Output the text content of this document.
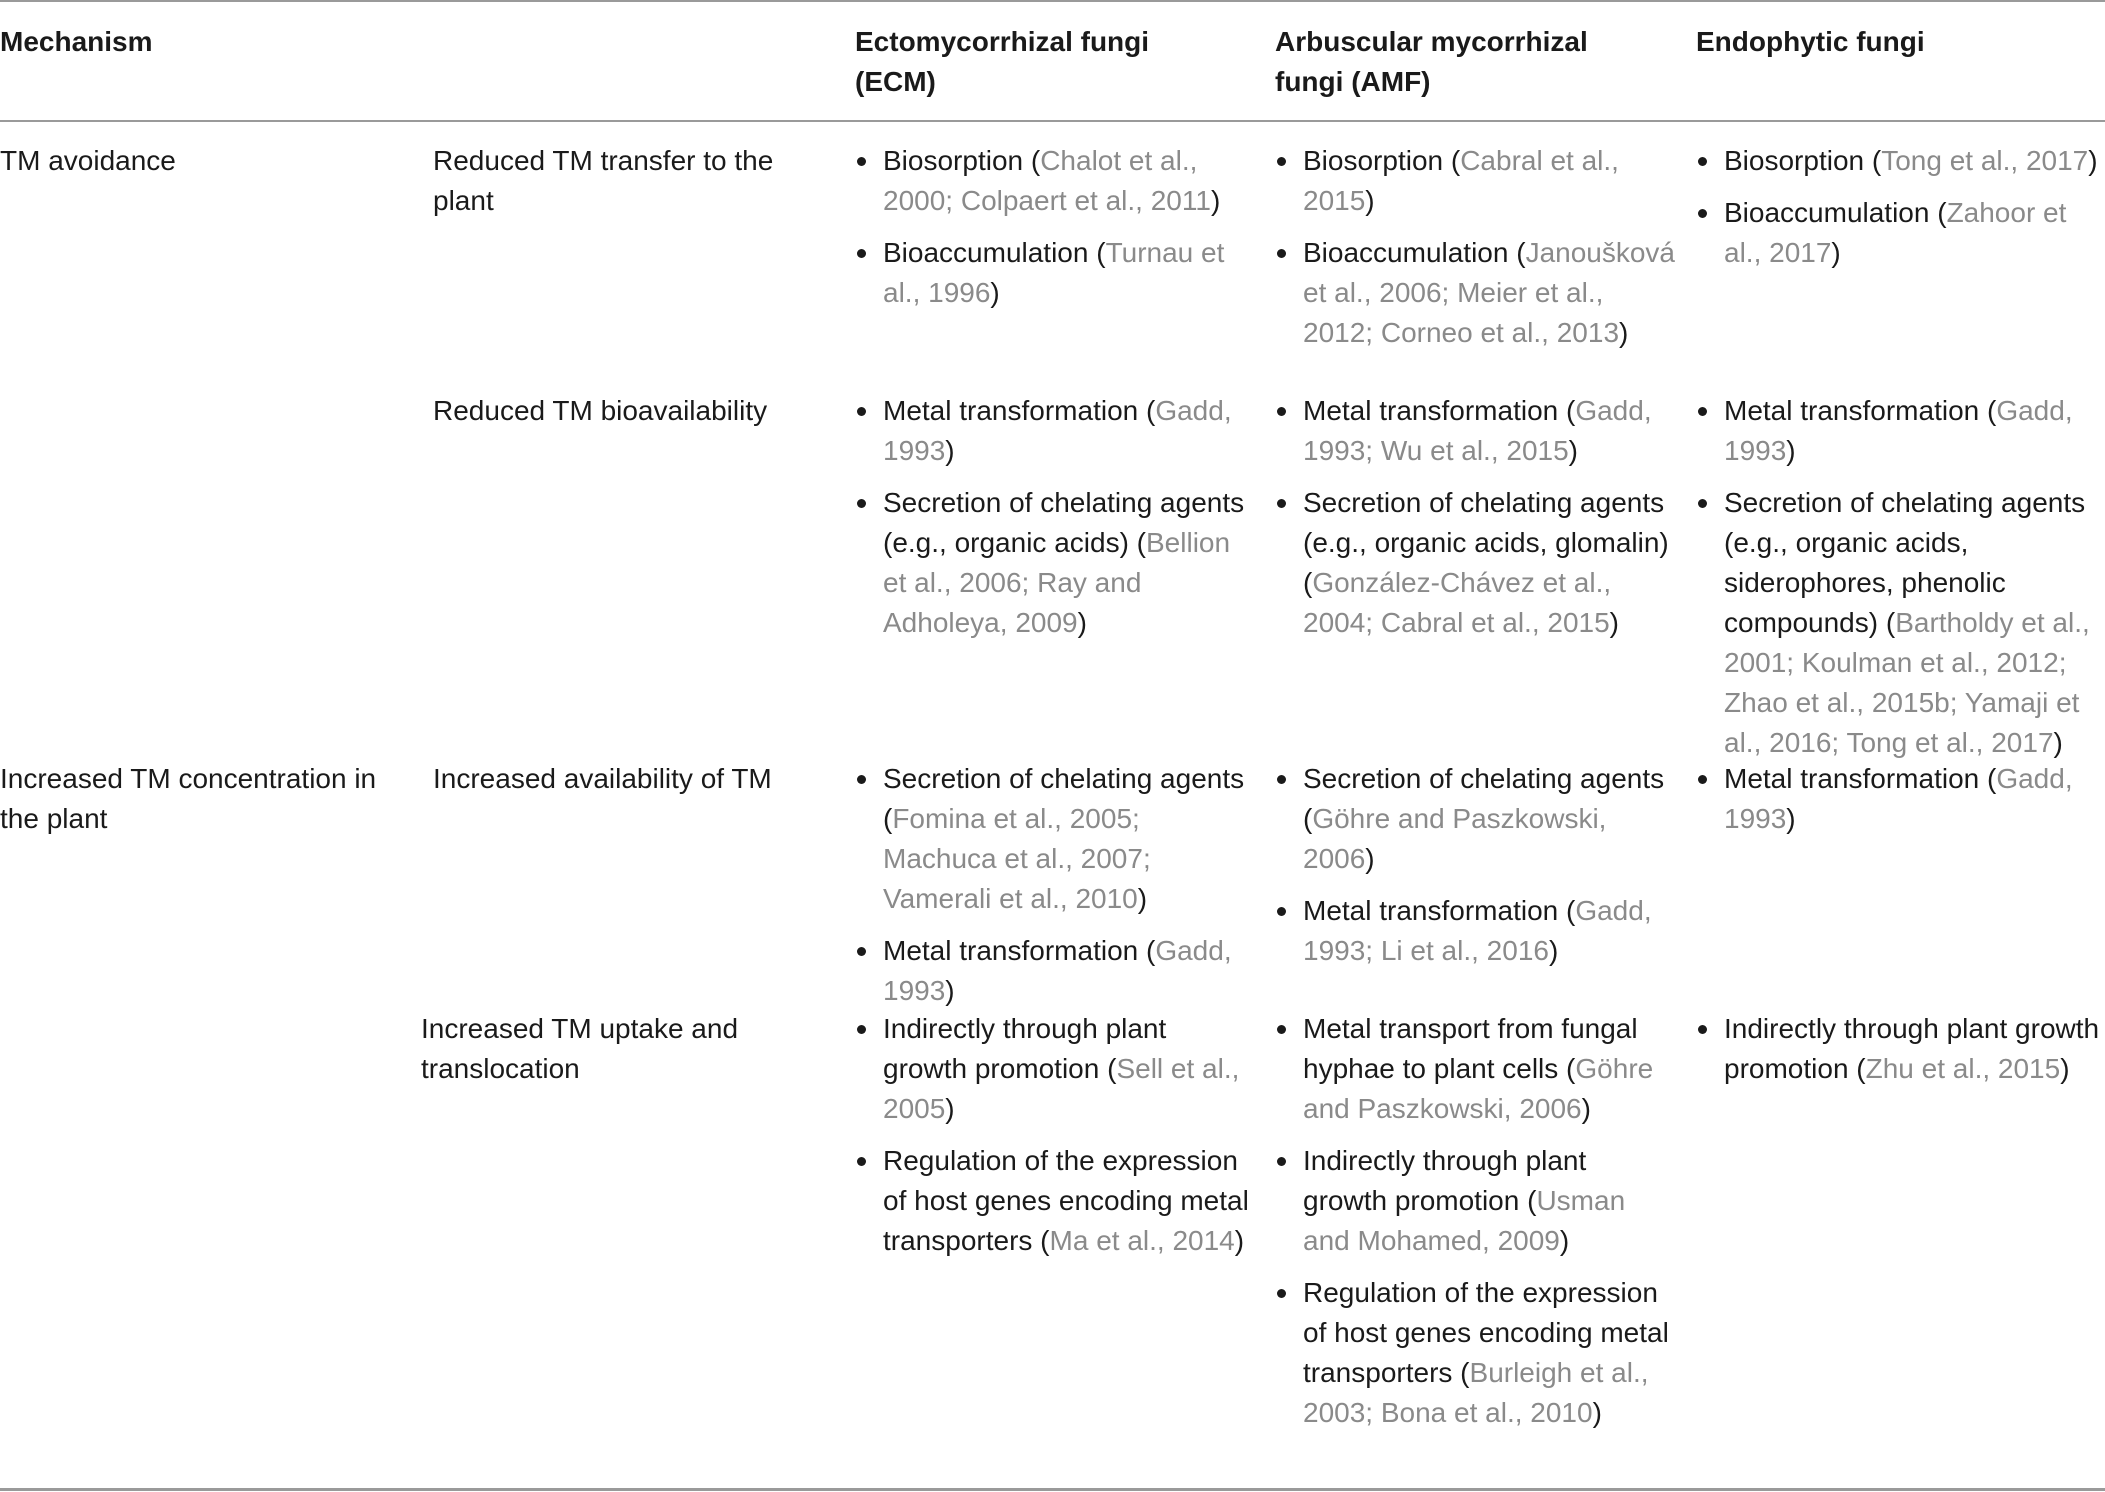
Mechanism	Ectomycorrhizal fungi (ECM)
Arbuscular mycorrhizal fungi (AMF)
Endophytic fungi
TM avoidance
Increased TM concentration in the plant
Reduced TM transfer to the plant
Reduced TM bioavailability
Increased availability of TM
Increased TM uptake and translocation
Biosorption (Chalot et al., 2000; Colpaert et al., 2011)
Bioaccumulation (Turnau et al., 1996)
Biosorption (Cabral et al., 2015)
Bioaccumulation (Janoušková et al., 2006; Meier et al., 2012; Corneo et al., 2013)
Biosorption (Tong et al., 2017)
Bioaccumulation (Zahoor et al., 2017)
Metal transformation (Gadd, 1993)
Secretion of chelating agents (e.g., organic acids) (Bellion et al., 2006; Ray and Adholeya, 2009)
Metal transformation (Gadd, 1993; Wu et al., 2015)
Secretion of chelating agents (e.g., organic acids, glomalin) (González-Chávez et al., 2004; Cabral et al., 2015)
Metal transformation (Gadd, 1993)
Secretion of chelating agents (e.g., organic acids, siderophores, phenolic compounds) (Bartholdy et al., 2001; Koulman et al., 2012; Zhao et al., 2015b; Yamaji et al., 2016; Tong et al., 2017)
Secretion of chelating agents (Fomina et al., 2005; Machuca et al., 2007; Vamerali et al., 2010)
Metal transformation (Gadd, 1993)
Secretion of chelating agents (Göhre and Paszkowski, 2006)
Metal transformation (Gadd, 1993; Li et al., 2016)
Metal transformation (Gadd, 1993)
Indirectly through plant growth promotion (Sell et al., 2005)
Regulation of the expression of host genes encoding metal transporters (Ma et al., 2014)
Metal transport from fungal hyphae to plant cells (Göhre and Paszkowski, 2006)
Indirectly through plant growth promotion (Usman and Mohamed, 2009)
Regulation of the expression of host genes encoding metal transporters (Burleigh et al., 2003; Bona et al., 2010)
Indirectly through plant growth promotion (Zhu et al., 2015)
